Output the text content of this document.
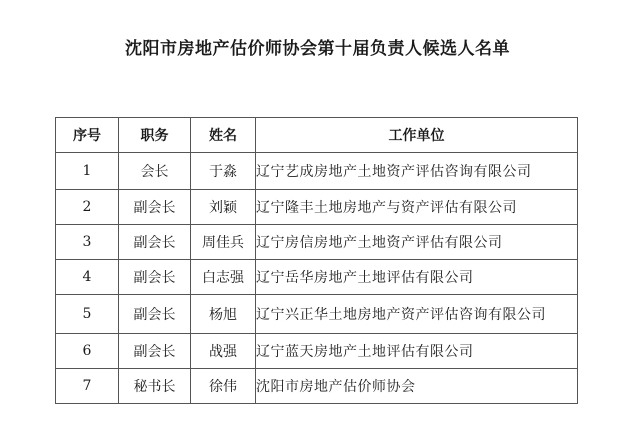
沈阳市房地产估价师协会第十届负责人候选人名单
序号	职务	姓名	工作单位
1	会长	于淼	辽宁艺成房地产土地资产评估咨询有限公司
2	副会长	刘颖	辽宁隆丰土地房地产与资产评估有限公司
3	副会长	周佳兵	辽宁房信房地产土地资产评估有限公司
4	副会长	白志强	辽宁岳华房地产土地评估有限公司
5	副会长	杨旭	辽宁兴正华土地房地产资产评估咨询有限公司
6	副会长	战强	辽宁蓝天房地产土地评估有限公司
7	秘书长	徐伟	沈阳市房地产估价师协会
